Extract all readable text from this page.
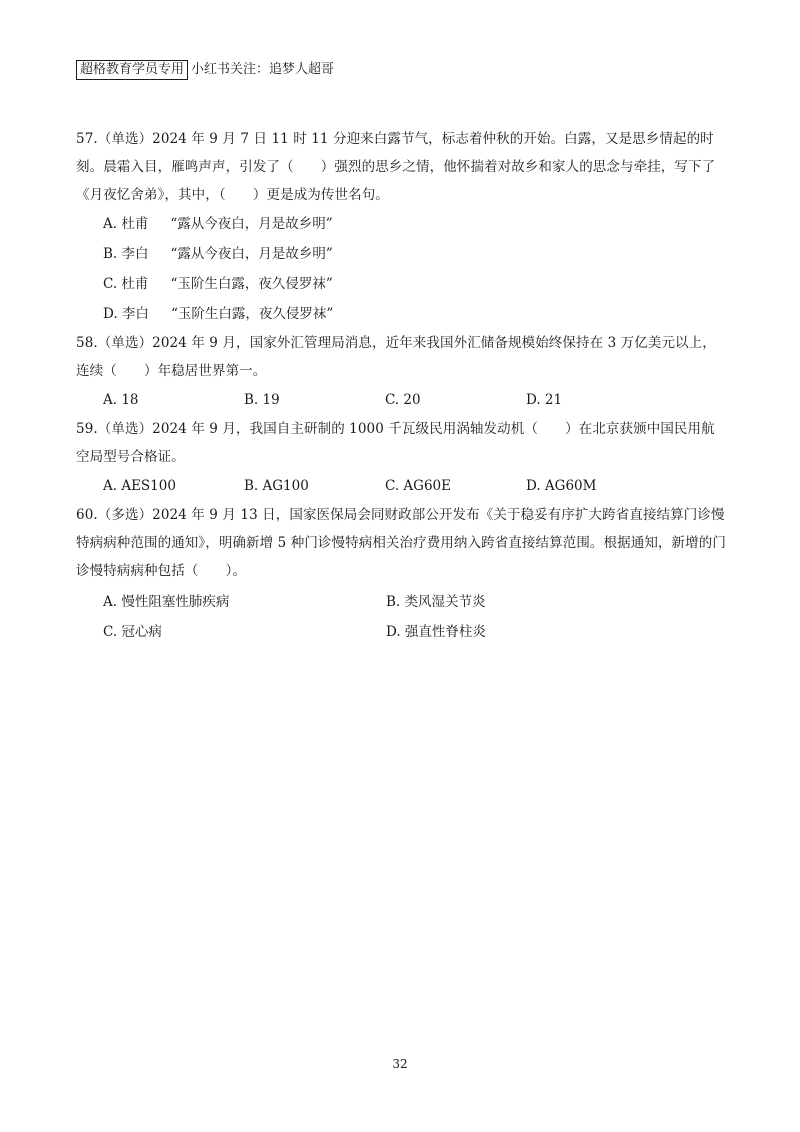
超格教育学员专用 小红书关注：追梦人超哥

57.（单选）2024 年 9 月 7 日 11 时 11 分迎来白露节气，标志着仲秋的开始。白露，又是思乡情起的时刻。晨霜入目，雁鸣声声，引发了（　　）强烈的思乡之情，他怀揣着对故乡和家人的思念与牵挂，写下了《月夜忆舍弟》，其中，（　　）更是成为传世名句。

A. 杜甫 “露从今夜白，月是故乡明”
B. 李白 “露从今夜白，月是故乡明”
C. 杜甫 “玉阶生白露，夜久侵罗袜”
D. 李白 “玉阶生白露，夜久侵罗袜”

58.（单选）2024 年 9 月，国家外汇管理局消息，近年来我国外汇储备规模始终保持在 3 万亿美元以上，连续（　　）年稳居世界第一。

A. 18	B. 19	C. 20	D. 21

59.（单选）2024 年 9 月，我国自主研制的 1000 千瓦级民用涡轴发动机（　　）在北京获颁中国民用航空局型号合格证。

A. AES100	B. AG100	C. AG60E	D. AG60M

60.（多选）2024 年 9 月 13 日，国家医保局会同财政部公开发布《关于稳妥有序扩大跨省直接结算门诊慢特病病种范围的通知》，明确新增 5 种门诊慢特病相关治疗费用纳入跨省直接结算范围。根据通知，新增的门诊慢特病病种包括（　　）。

A. 慢性阻塞性肺疾病	B. 类风湿关节炎
C. 冠心病	D. 强直性脊柱炎
32
